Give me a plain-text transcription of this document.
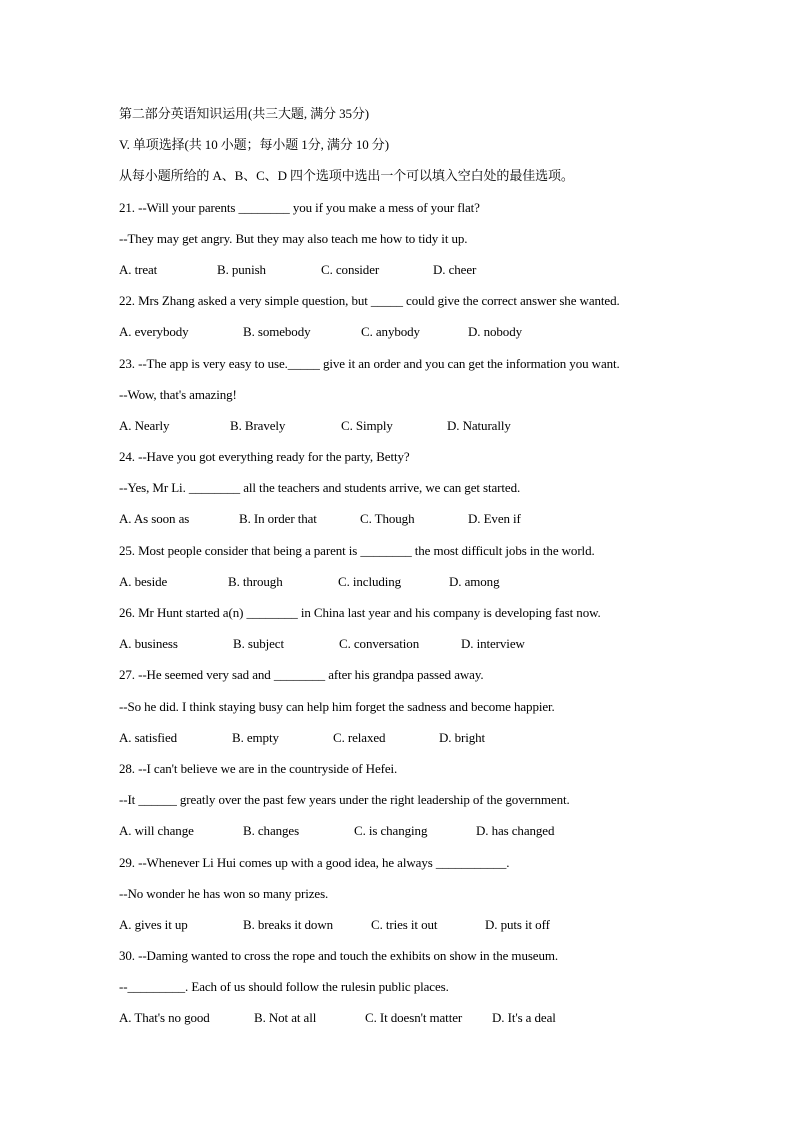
第二部分英语知识运用(共三大题, 满分 35分)
V. 单项选择(共 10 小题；每小题 1分, 满分 10 分)
从每小题所给的 A、B、C、D 四个选项中选出一个可以填入空白处的最佳选项。
21. --Will your parents ________ you if you make a mess of your flat?
--They may get angry. But they may also teach me how to tidy it up.
A. treat	B. punish	C. consider	D. cheer
22. Mrs Zhang asked a very simple question, but _____ could give the correct answer she wanted.
A. everybody	B. somebody	C. anybody	D. nobody
23. --The app is very easy to use._____ give it an order and you can get the information you want.
--Wow, that's amazing!
A. Nearly	B. Bravely	C. Simply	D. Naturally
24. --Have you got everything ready for the party, Betty?
--Yes, Mr Li. ________ all the teachers and students arrive, we can get started.
A. As soon as	B. In order that	C. Though	D. Even if
25. Most people consider that being a parent is ________ the most difficult jobs in the world.
A. beside	B. through	C. including	D. among
26. Mr Hunt started a(n) ________ in China last year and his company is developing fast now.
A. business	B. subject	C. conversation	D. interview
27. --He seemed very sad and ________ after his grandpa passed away.
--So he did. I think staying busy can help him forget the sadness and become happier.
A. satisfied	B. empty	C. relaxed	D. bright
28. --I can't believe we are in the countryside of Hefei.
--It ______ greatly over the past few years under the right leadership of the government.
A. will change	B. changes	C. is changing	D. has changed
29. --Whenever Li Hui comes up with a good idea, he always ___________.
--No wonder he has won so many prizes.
A. gives it up	B. breaks it down	C. tries it out	D. puts it off
30. --Daming wanted to cross the rope and touch the exhibits on show in the museum.
--_________. Each of us should follow the rulesin public places.
A. That's no good	B. Not at all	C. It doesn't matter	D. It's a deal
